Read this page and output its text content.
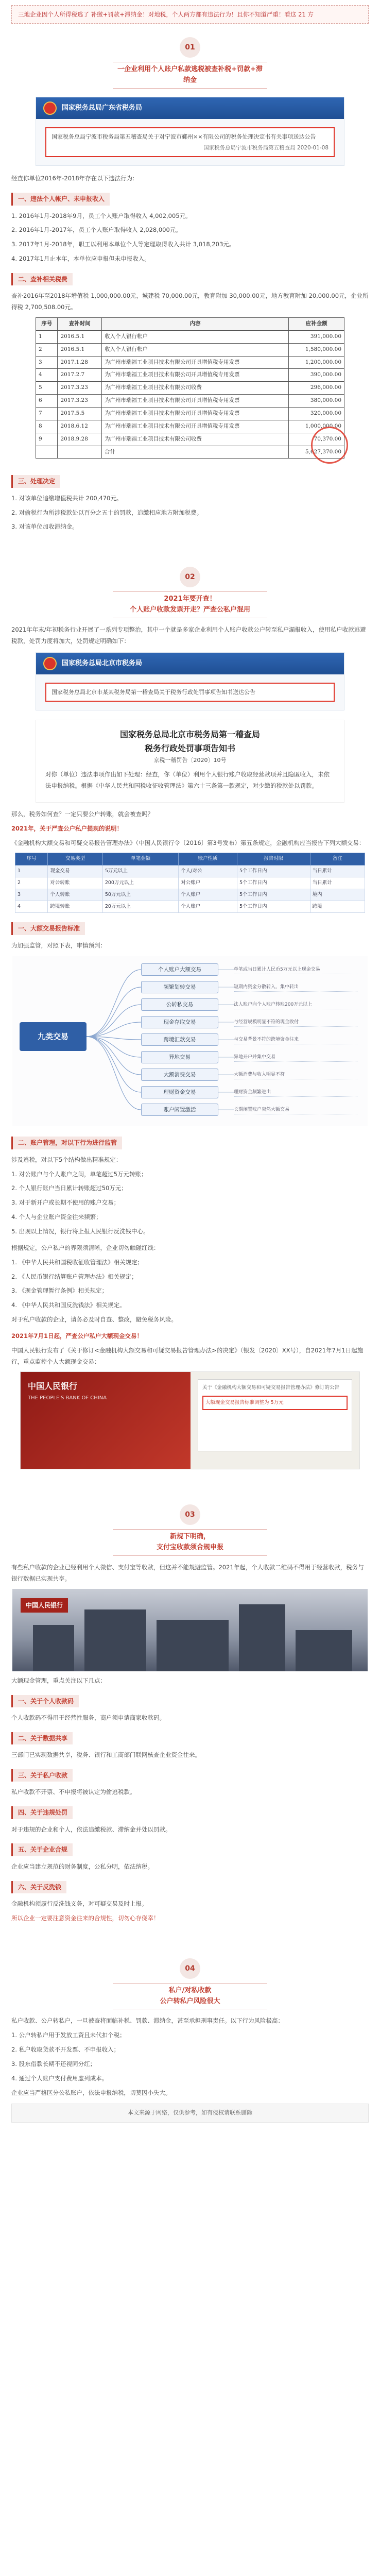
三地企业因个人所得税逃了 补缴+罚款+滞纳金！对地税，个人两方都有违法行为！且你不知道严重！看这 21 方
01
一企业利用个人账户私款逃税被查补税+罚款+滞纳金
国家税务总局广东省税务局
国家税务总局宁波市税务局第五稽查局关于对宁波市鄞州××有限公司的税务处理决定书有关事项送达公告
国家税务总局宁波市税务局第五稽查局 2020-01-08

经查你单位2016年-2018年存在以下违法行为:

一、违法个人帐户、未申报收入

1. 2016年1月-2018年9月，员工个人账户取得收入 4,002,005元。

2. 2016年1月-2017年，员工个人账户取得收入 2,028,000元。

3. 2017年1月-2018年，职工以利用本单位个人等定理取得收入共计 3,018,203元。

4. 2017年1月止本年，本单位应申报但未申报收入。

二、查补相关税费

查补2016年至2018年增值税 1,000,000.00元，城建税 70,000.00元，教育附加 30,000.00元，地方教育附加 20,000.00元，企业所得税 2,700,508.00元。

序号	查补时间	内容	应补金额
1	2016.5.1	收入个人银行帐户	391,000.00
2	2016.5.1	收入个人银行帐户	1,580,000.00
3	2017.1.28	为广州市瑞福工业项目技术有限公司开具增值税专用发票	1,200,000.00
4	2017.2.7	为广州市瑞福工业项目技术有限公司开具增值税专用发票	390,000.00
5	2017.3.23	为广州市瑞福工业项目技术有限公司收费	296,000.00
6	2017.3.23	为广州市瑞福工业项目技术有限公司开具增值税专用发票	380,000.00
7	2017.5.5	为广州市瑞福工业项目技术有限公司开具增值税专用发票	320,000.00
8	2018.6.12	为广州市瑞福工业项目技术有限公司开具增值税专用发票	1,000,000.00
9	2018.9.28	为广州市瑞福工业项目技术有限公司收费	70,370.00
		合计	5,627,370.00
三、处理决定

1. 对该单位追缴增值税共计 200,470元。

2. 对偷税行为所涉税款处以百分之五十的罚款，追缴相应地方附加税费。

3. 对该单位加收滞纳金。

02
2021年要开查！
个人账户收款发票开走？严查公私户混用

2021年年末/年初税务行业开展了一系列专项整治，其中一个就是多家企业利用个人账户收款公户转至私户漏报收入，使用私户收款逃避税款，处罚力度将加大，处罚规定明确如下：

国家税务总局北京市税务局
国家税务总局北京市某某税务局第一稽查局关于税务行政处罚事项告知书送达公告
国家税务总局北京市税务局第一稽查局
税务行政处罚事项告知书
京税一稽罚告〔2020〕10号

对你（单位）违法事项作出如下处理：经查，你（单位）利用个人银行账户收取经营款项并且隐匿收入，未依法申报纳税。根据《中华人民共和国税收征收管理法》第六十三条第一款规定，对少缴的税款处以罚款。

那么，税务如何查？一定只要公户转账，就会被查吗？

2021年，关于严查公户私户提现的说明！

《金融机构大额交易和可疑交易报告管理办法》（中国人民银行令〔2016〕第3号发布）第五条规定，金融机构应当报告下列大额交易：

序号	交易类型	单笔金额	账户性质	报告时限	备注
1	现金交易	5万元以上	个人/对公	5个工作日内	当日累计
2	对公转账	200万元以上	对公账户	5个工作日内	当日累计
3	个人转账	50万元以上	个人账户	5个工作日内	境内
4	跨境转账	20万元以上	个人账户	5个工作日内	跨境
一、大额交易报告标准

为加强监管，对照下表，审慎预判：

九类交易
个人账户大额交易	单笔或当日累计人民币5万元以上现金交易
频繁划转交易	短期内资金分散转入、集中转出
公转私交易	法人账户向个人账户转账200万元以上
现金存取交易	与经营规模明显不符的现金收付
跨境汇款交易	与交易背景不符的跨境资金往来
异地交易	异地开户并集中交易
大额消费交易	大额消费与收入明显不符
理财资金交易	理财资金频繁进出
账户闲置激活	长期闲置账户突然大额交易
二、账户管理，对以下行为进行监管

涉及逃税，对以下5个结构做出精准规定：

1. 对公账户与个人账户之间，单笔超过5万元转账；

2. 个人银行账户当日累计转账超过50万元；

3. 对于新开户或长期不使用的账户交易；

4. 个人与企业账户资金往来频繁；

5. 出现以上情况，银行将上报人民银行反洗钱中心。

根据规定，公户私户的界限须清晰，企业切勿触碰红线：

1. 《中华人民共和国税收征收管理法》相关规定；

2. 《人民币银行结算账户管理办法》相关规定；

3. 《现金管理暂行条例》相关规定；

4. 《中华人民共和国反洗钱法》相关规定。

对于私户收款的企业，请务必及时自查、整改，避免税务风险。

2021年7月1日起，严查公户私户大额现金交易！

中国人民银行发布了《关于修订<金融机构大额交易和可疑交易报告管理办法>的决定》（银发〔2020〕XX号），自2021年7月1日起施行，重点监控个人大额现金交易：

中国人民银行
THE PEOPLE'S BANK OF CHINA
关于《金融机构大额交易和可疑交易报告管理办法》修订的公告
大额现金交易报告标准调整为 5万元
03
新规下明确，
支付宝收款须合规申报

有些私户收款的企业已经利用个人微信、支付宝等收款，但这并不能规避监管。2021年起，个人收款二维码不得用于经营收款，税务与银行数据已实现共享。

中国人民银行

大额现金管理，重点关注以下几点：

一、关于个人收款码

个人收款码不得用于经营性服务，商户须申请商家收款码。

二、关于数据共享

三部门已实现数据共享，税务、银行和工商部门联网核查企业资金往来。

三、关于私户收款

私户收款不开票、不申报将被认定为偷逃税款。

四、关于违规处罚

对于违规的企业和个人，依法追缴税款、滞纳金并处以罚款。

五、关于企业合规

企业应当建立规范的财务制度，公私分明，依法纳税。

六、关于反洗钱

金融机构须履行反洗钱义务，对可疑交易及时上报。

所以企业一定要注意资金往来的合规性，切勿心存侥幸！

04
私户/对私收款
公户转私户风险很大

私户收款、公户转私户，一旦被查将面临补税、罚款、滞纳金，甚至承担刑事责任。以下行为风险极高：

1. 公户转私户用于发放工资且未代扣个税；

2. 私户收取货款不开发票、不申报收入；

3. 股东借款长期不还视同分红；

4. 通过个人账户支付费用虚列成本。

企业应当严格区分公私账户，依法申报纳税，切莫因小失大。

本文来源于网络，仅供参考，如有侵权请联系删除
